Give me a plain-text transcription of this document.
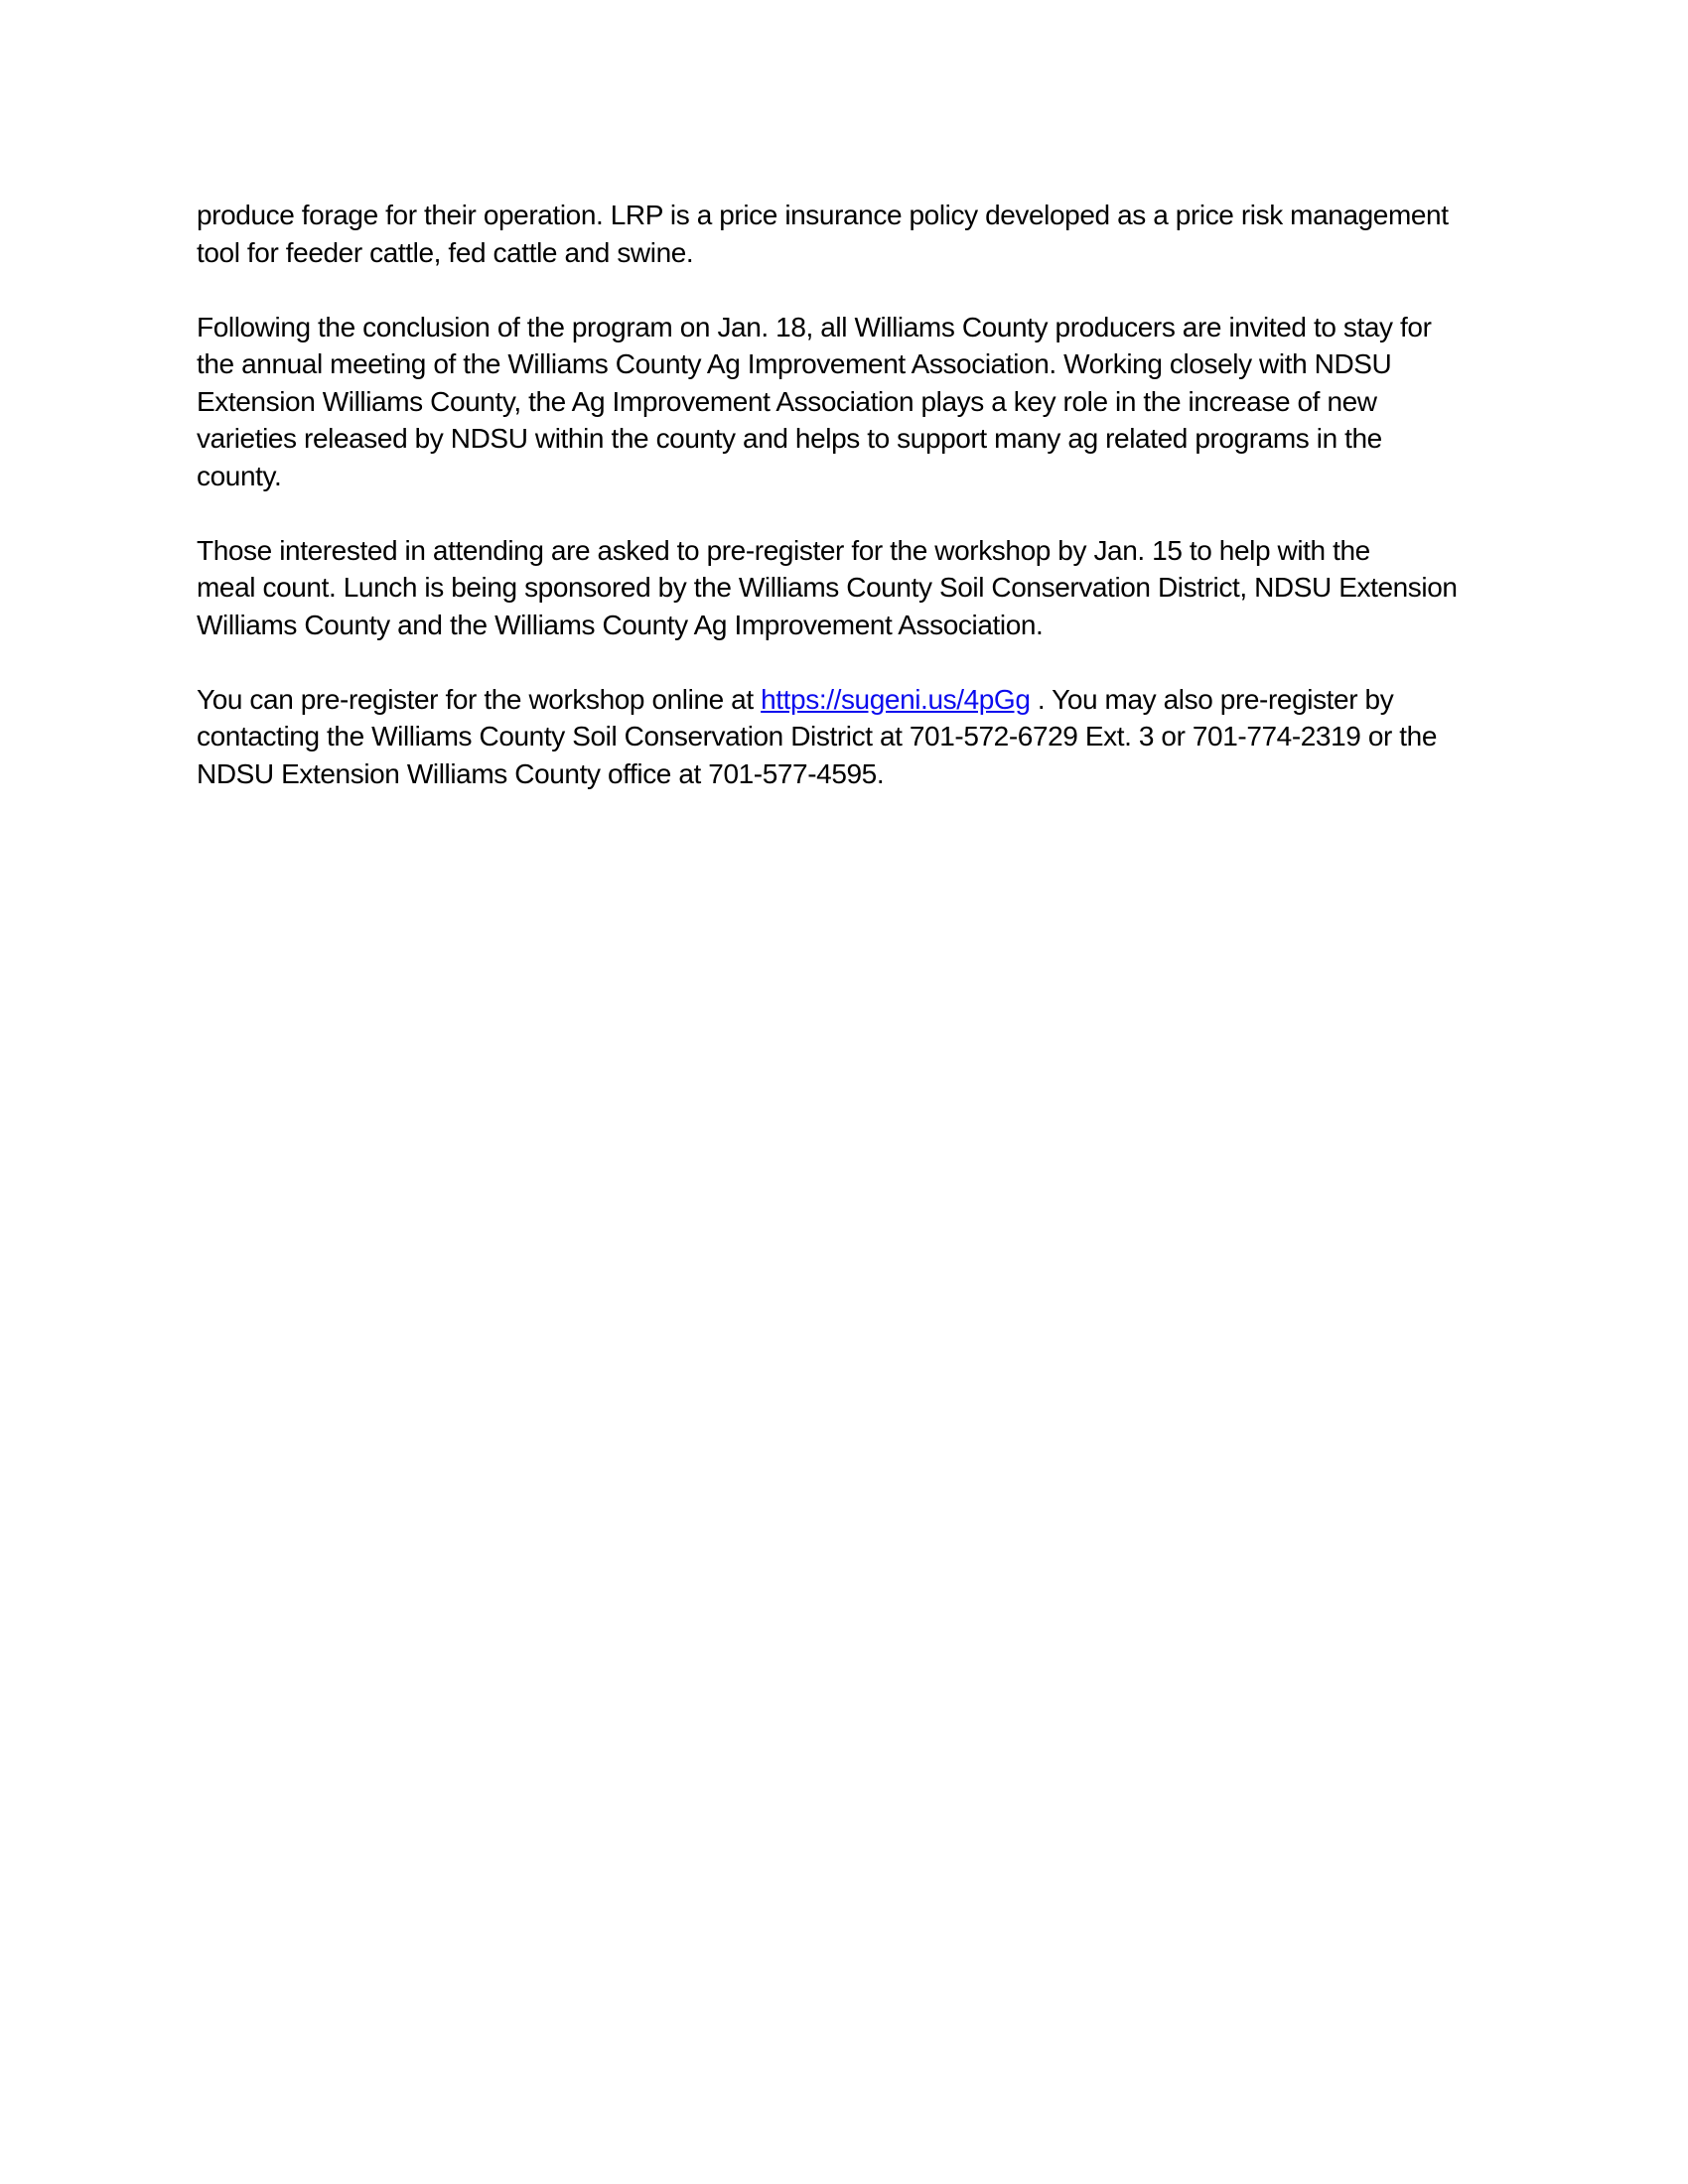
produce forage for their operation. LRP is a price insurance policy developed as a price risk management
tool for feeder cattle, fed cattle and swine.
Following the conclusion of the program on Jan. 18, all Williams County producers are invited to stay for
the annual meeting of the Williams County Ag Improvement Association. Working closely with NDSU
Extension Williams County, the Ag Improvement Association plays a key role in the increase of new
varieties released by NDSU within the county and helps to support many ag related programs in the
county.
Those interested in attending are asked to pre-register for the workshop by Jan. 15 to help with the
meal count. Lunch is being sponsored by the Williams County Soil Conservation District, NDSU Extension
Williams County and the Williams County Ag Improvement Association.
You can pre-register for the workshop online at https://sugeni.us/4pGg . You may also pre-register by
contacting the Williams County Soil Conservation District at 701-572-6729 Ext. 3 or 701-774-2319 or the
NDSU Extension Williams County office at 701-577-4595.
